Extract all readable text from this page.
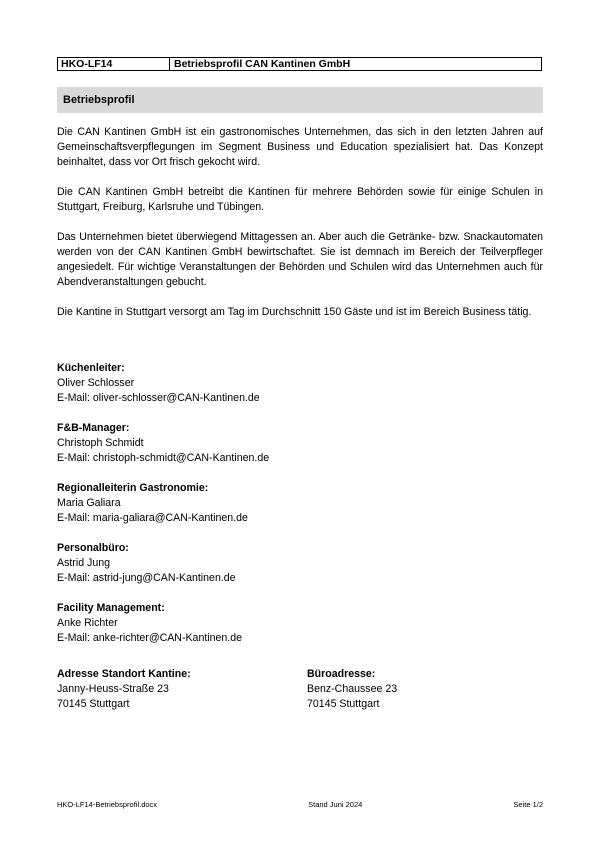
HKO-LF14	Betriebsprofil CAN Kantinen GmbH
Betriebsprofil

Die CAN Kantinen GmbH ist ein gastronomisches Unternehmen, das sich in den letzten Jahren auf Gemeinschaftsverpflegungen im Segment Business und Education spezialisiert hat. Das Konzept beinhaltet, dass vor Ort frisch gekocht wird.

Die CAN Kantinen GmbH betreibt die Kantinen für mehrere Behörden sowie für einige Schulen in Stuttgart, Freiburg, Karlsruhe und Tübingen.

Das Unternehmen bietet überwiegend Mittagessen an. Aber auch die Getränke- bzw. Snackautomaten werden von der CAN Kantinen GmbH bewirtschaftet. Sie ist demnach im Bereich der Teilverpfleger angesiedelt. Für wichtige Veranstaltungen der Behörden und Schulen wird das Unternehmen auch für Abendveranstaltungen gebucht.

Die Kantine in Stuttgart versorgt am Tag im Durchschnitt 150 Gäste und ist im Bereich Business tätig.

Küchenleiter:
Oliver Schlosser
E-Mail: oliver-schlosser@CAN-Kantinen.de
F&B-Manager:
Christoph Schmidt
E-Mail: christoph-schmidt@CAN-Kantinen.de
Regionalleiterin Gastronomie:
Maria Galiara
E-Mail: maria-galiara@CAN-Kantinen.de
Personalbüro:
Astrid Jung
E-Mail: astrid-jung@CAN-Kantinen.de
Facility Management:
Anke Richter
E-Mail: anke-richter@CAN-Kantinen.de
Adresse Standort Kantine:
Janny-Heuss-Straße 23
70145 Stuttgart
Büroadresse:
Benz-Chaussee 23
70145 Stuttgart
HKO-LF14-Betriebsprofil.docx	Stand Juni 2024	Seite 1/2
